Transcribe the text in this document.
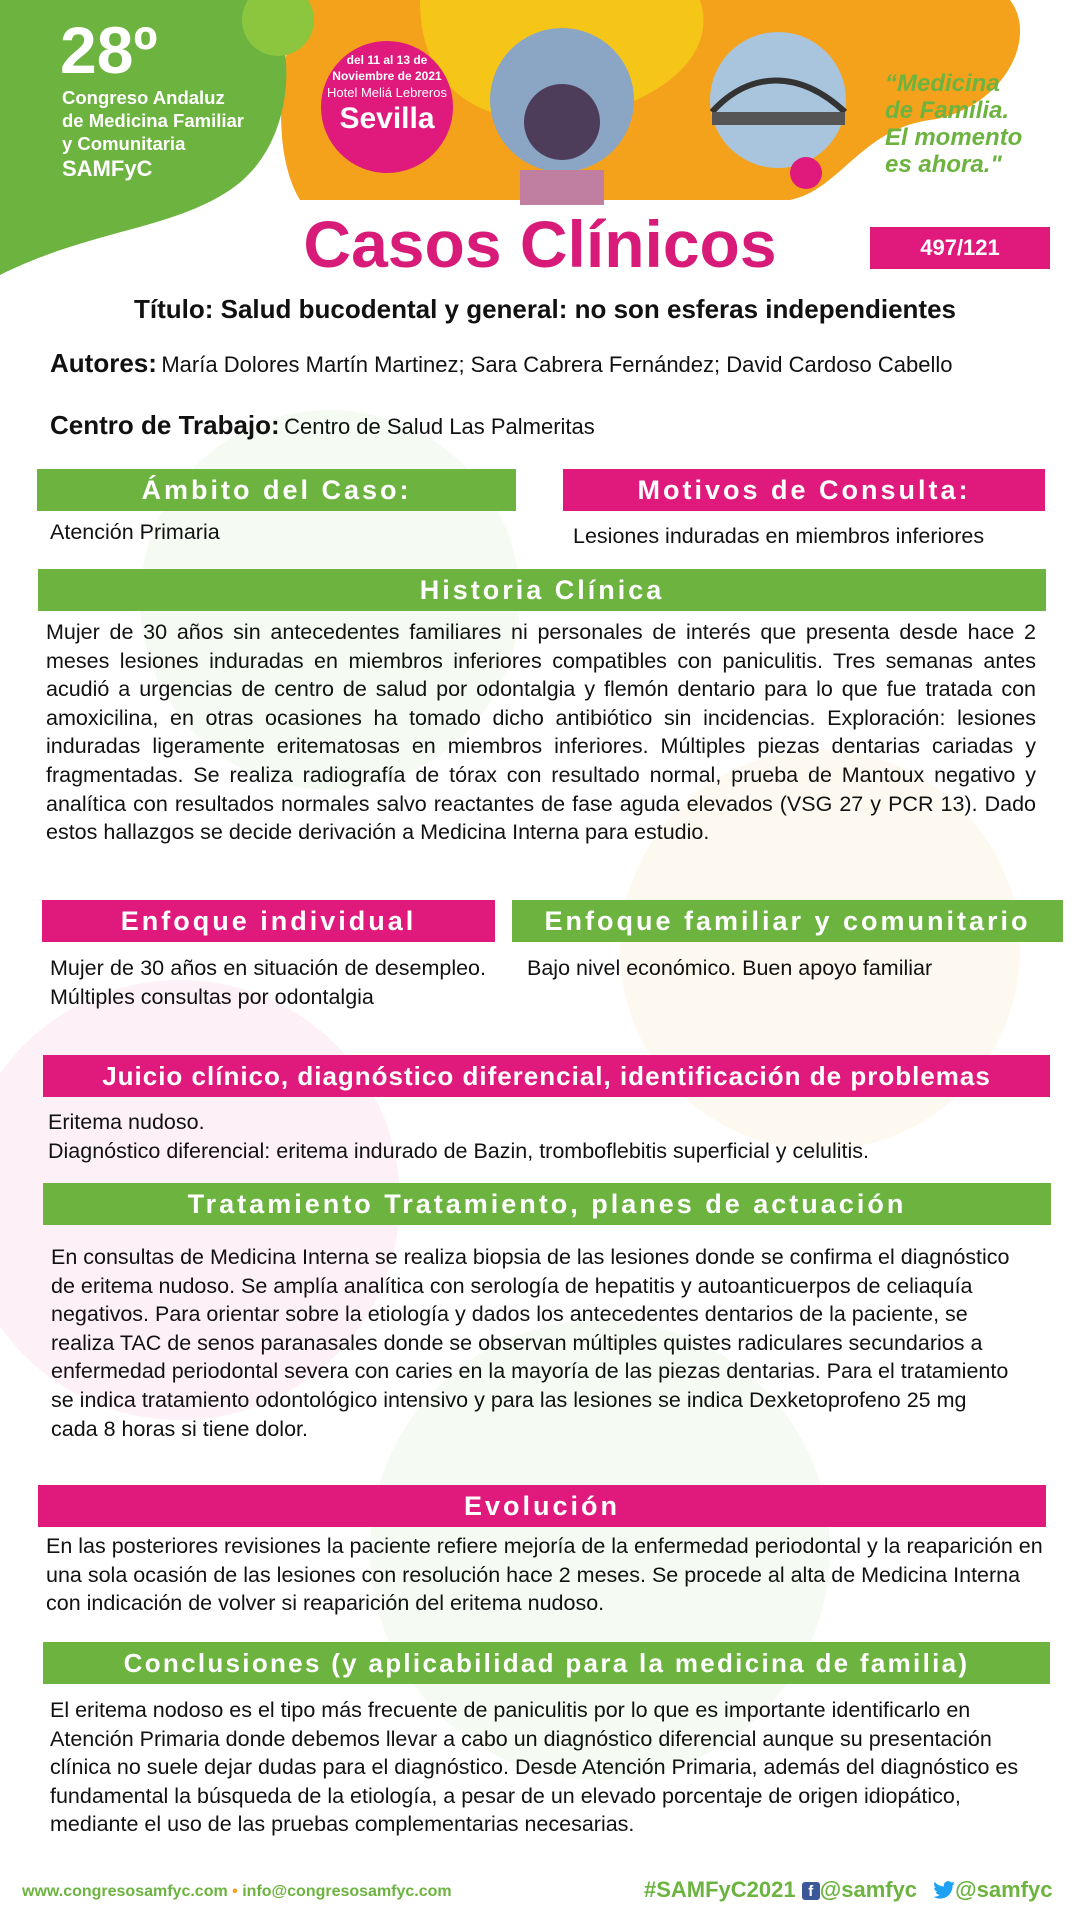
28º
Congreso Andaluz
de Medicina Familiar
y Comunitaria
SAMFyC
del 11 al 13 de
Noviembre de 2021
Hotel Meliá Lebreros
Sevilla
“Medicina
de Familia.
El momento
es ahora."
Casos Clínicos	497/121
Título: Salud bucodental y general: no son esferas independientes
Autores: María Dolores Martín Martinez; Sara Cabrera Fernández; David Cardoso Cabello
Centro de Trabajo: Centro de Salud Las Palmeritas
Ámbito del Caso:
Atención Primaria
Motivos de Consulta:
Lesiones induradas en miembros inferiores
Historia Clínica
Mujer de 30 años sin antecedentes familiares ni personales de interés que presenta desde hace 2 meses lesiones induradas en miembros inferiores compatibles con paniculitis. Tres semanas antes acudió a urgencias de centro de salud por odontalgia y flemón dentario para lo que fue tratada con amoxicilina, en otras ocasiones ha tomado dicho antibiótico sin incidencias. Exploración: lesiones induradas ligeramente eritematosas en miembros inferiores. Múltiples piezas dentarias cariadas y fragmentadas. Se realiza radiografía de tórax con resultado normal, prueba de Mantoux negativo y analítica con resultados normales salvo reactantes de fase aguda elevados (VSG 27 y PCR 13). Dado estos hallazgos se decide derivación a Medicina Interna para estudio.
Enfoque individual
Mujer de 30 años en situación de desempleo. Múltiples consultas por odontalgia
Enfoque familiar y comunitario
Bajo nivel económico. Buen apoyo familiar
Juicio clínico, diagnóstico diferencial, identificación de problemas
Eritema nudoso.
Diagnóstico diferencial: eritema indurado de Bazin, tromboflebitis superficial y celulitis.
Tratamiento Tratamiento, planes de actuación
En consultas de Medicina Interna se realiza biopsia de las lesiones donde se confirma el diagnóstico de eritema nudoso. Se amplía analítica con serología de hepatitis y autoanticuerpos de celiaquía negativos. Para orientar sobre la etiología y dados los antecedentes dentarios de la paciente, se realiza TAC de senos paranasales donde se observan múltiples quistes radiculares secundarios a enfermedad periodontal severa con caries en la mayoría de las piezas dentarias. Para el tratamiento se indica tratamiento odontológico intensivo y para las lesiones se indica Dexketoprofeno 25 mg cada 8 horas si tiene dolor.
Evolución
En las posteriores revisiones la paciente refiere mejoría de la enfermedad periodontal y la reaparición en una sola ocasión de las lesiones con resolución hace 2 meses. Se procede al alta de Medicina Interna con indicación de volver si reaparición del eritema nudoso.
Conclusiones (y aplicabilidad para la medicina de familia)
El eritema nodoso es el tipo más frecuente de paniculitis por lo que es importante identificarlo en Atención Primaria donde debemos llevar a cabo un diagnóstico diferencial aunque su presentación clínica no suele dejar dudas para el diagnóstico. Desde Atención Primaria, además del diagnóstico es fundamental la búsqueda de la etiología, a pesar de un elevado porcentaje de origen idiopático, mediante el uso de las pruebas complementarias necesarias.
www.congresosamfyc.com • info@congresosamfyc.com	#SAMFyC2021 f @samfyc @samfyc
